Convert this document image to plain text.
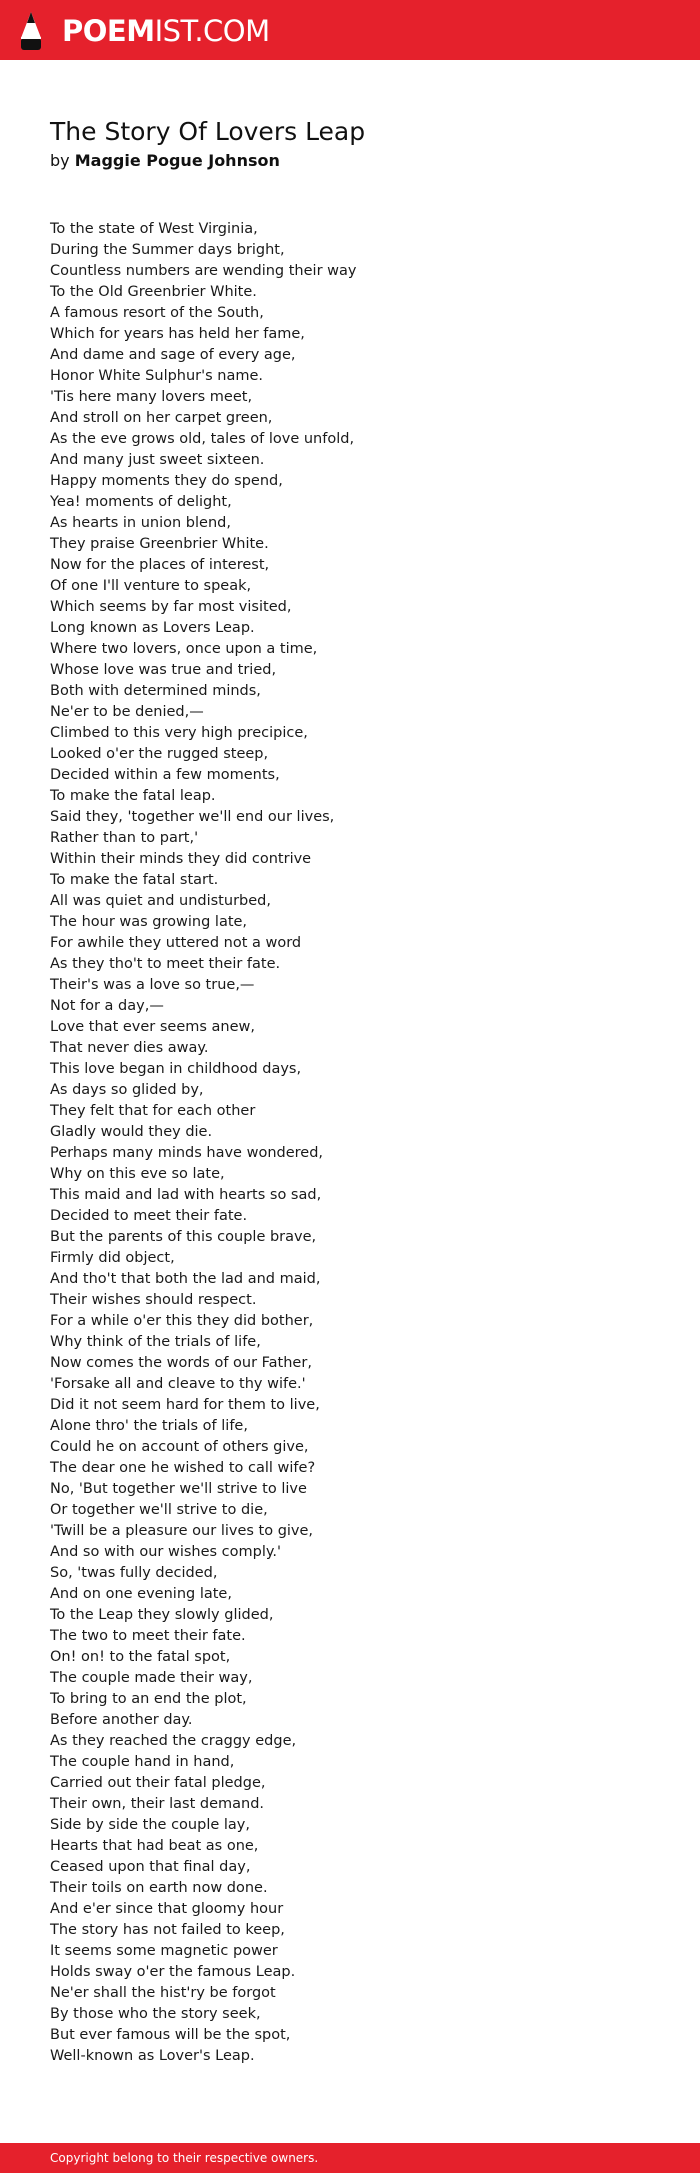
POEMIST.COM
The Story Of Lovers Leap
by Maggie Pogue Johnson
To the state of West Virginia,
During the Summer days bright,
Countless numbers are wending their way
To the Old Greenbrier White.
A famous resort of the South,
Which for years has held her fame,
And dame and sage of every age,
Honor White Sulphur's name.
'Tis here many lovers meet,
And stroll on her carpet green,
As the eve grows old, tales of love unfold,
And many just sweet sixteen.
Happy moments they do spend,
Yea! moments of delight,
As hearts in union blend,
They praise Greenbrier White.
Now for the places of interest,
Of one I'll venture to speak,
Which seems by far most visited,
Long known as Lovers Leap.
Where two lovers, once upon a time,
Whose love was true and tried,
Both with determined minds,
Ne'er to be denied,—
Climbed to this very high precipice,
Looked o'er the rugged steep,
Decided within a few moments,
To make the fatal leap.
Said they, 'together we'll end our lives,
Rather than to part,'
Within their minds they did contrive
To make the fatal start.
All was quiet and undisturbed,
The hour was growing late,
For awhile they uttered not a word
As they tho't to meet their fate.
Their's was a love so true,—
Not for a day,—
Love that ever seems anew,
That never dies away.
This love began in childhood days,
As days so glided by,
They felt that for each other
Gladly would they die.
Perhaps many minds have wondered,
Why on this eve so late,
This maid and lad with hearts so sad,
Decided to meet their fate.
But the parents of this couple brave,
Firmly did object,
And tho't that both the lad and maid,
Their wishes should respect.
For a while o'er this they did bother,
Why think of the trials of life,
Now comes the words of our Father,
'Forsake all and cleave to thy wife.'
Did it not seem hard for them to live,
Alone thro' the trials of life,
Could he on account of others give,
The dear one he wished to call wife?
No, 'But together we'll strive to live
Or together we'll strive to die,
'Twill be a pleasure our lives to give,
And so with our wishes comply.'
So, 'twas fully decided,
And on one evening late,
To the Leap they slowly glided,
The two to meet their fate.
On! on! to the fatal spot,
The couple made their way,
To bring to an end the plot,
Before another day.
As they reached the craggy edge,
The couple hand in hand,
Carried out their fatal pledge,
Their own, their last demand.
Side by side the couple lay,
Hearts that had beat as one,
Ceased upon that final day,
Their toils on earth now done.
And e'er since that gloomy hour
The story has not failed to keep,
It seems some magnetic power
Holds sway o'er the famous Leap.
Ne'er shall the hist'ry be forgot
By those who the story seek,
But ever famous will be the spot,
Well-known as Lover's Leap.
Copyright belong to their respective owners.
